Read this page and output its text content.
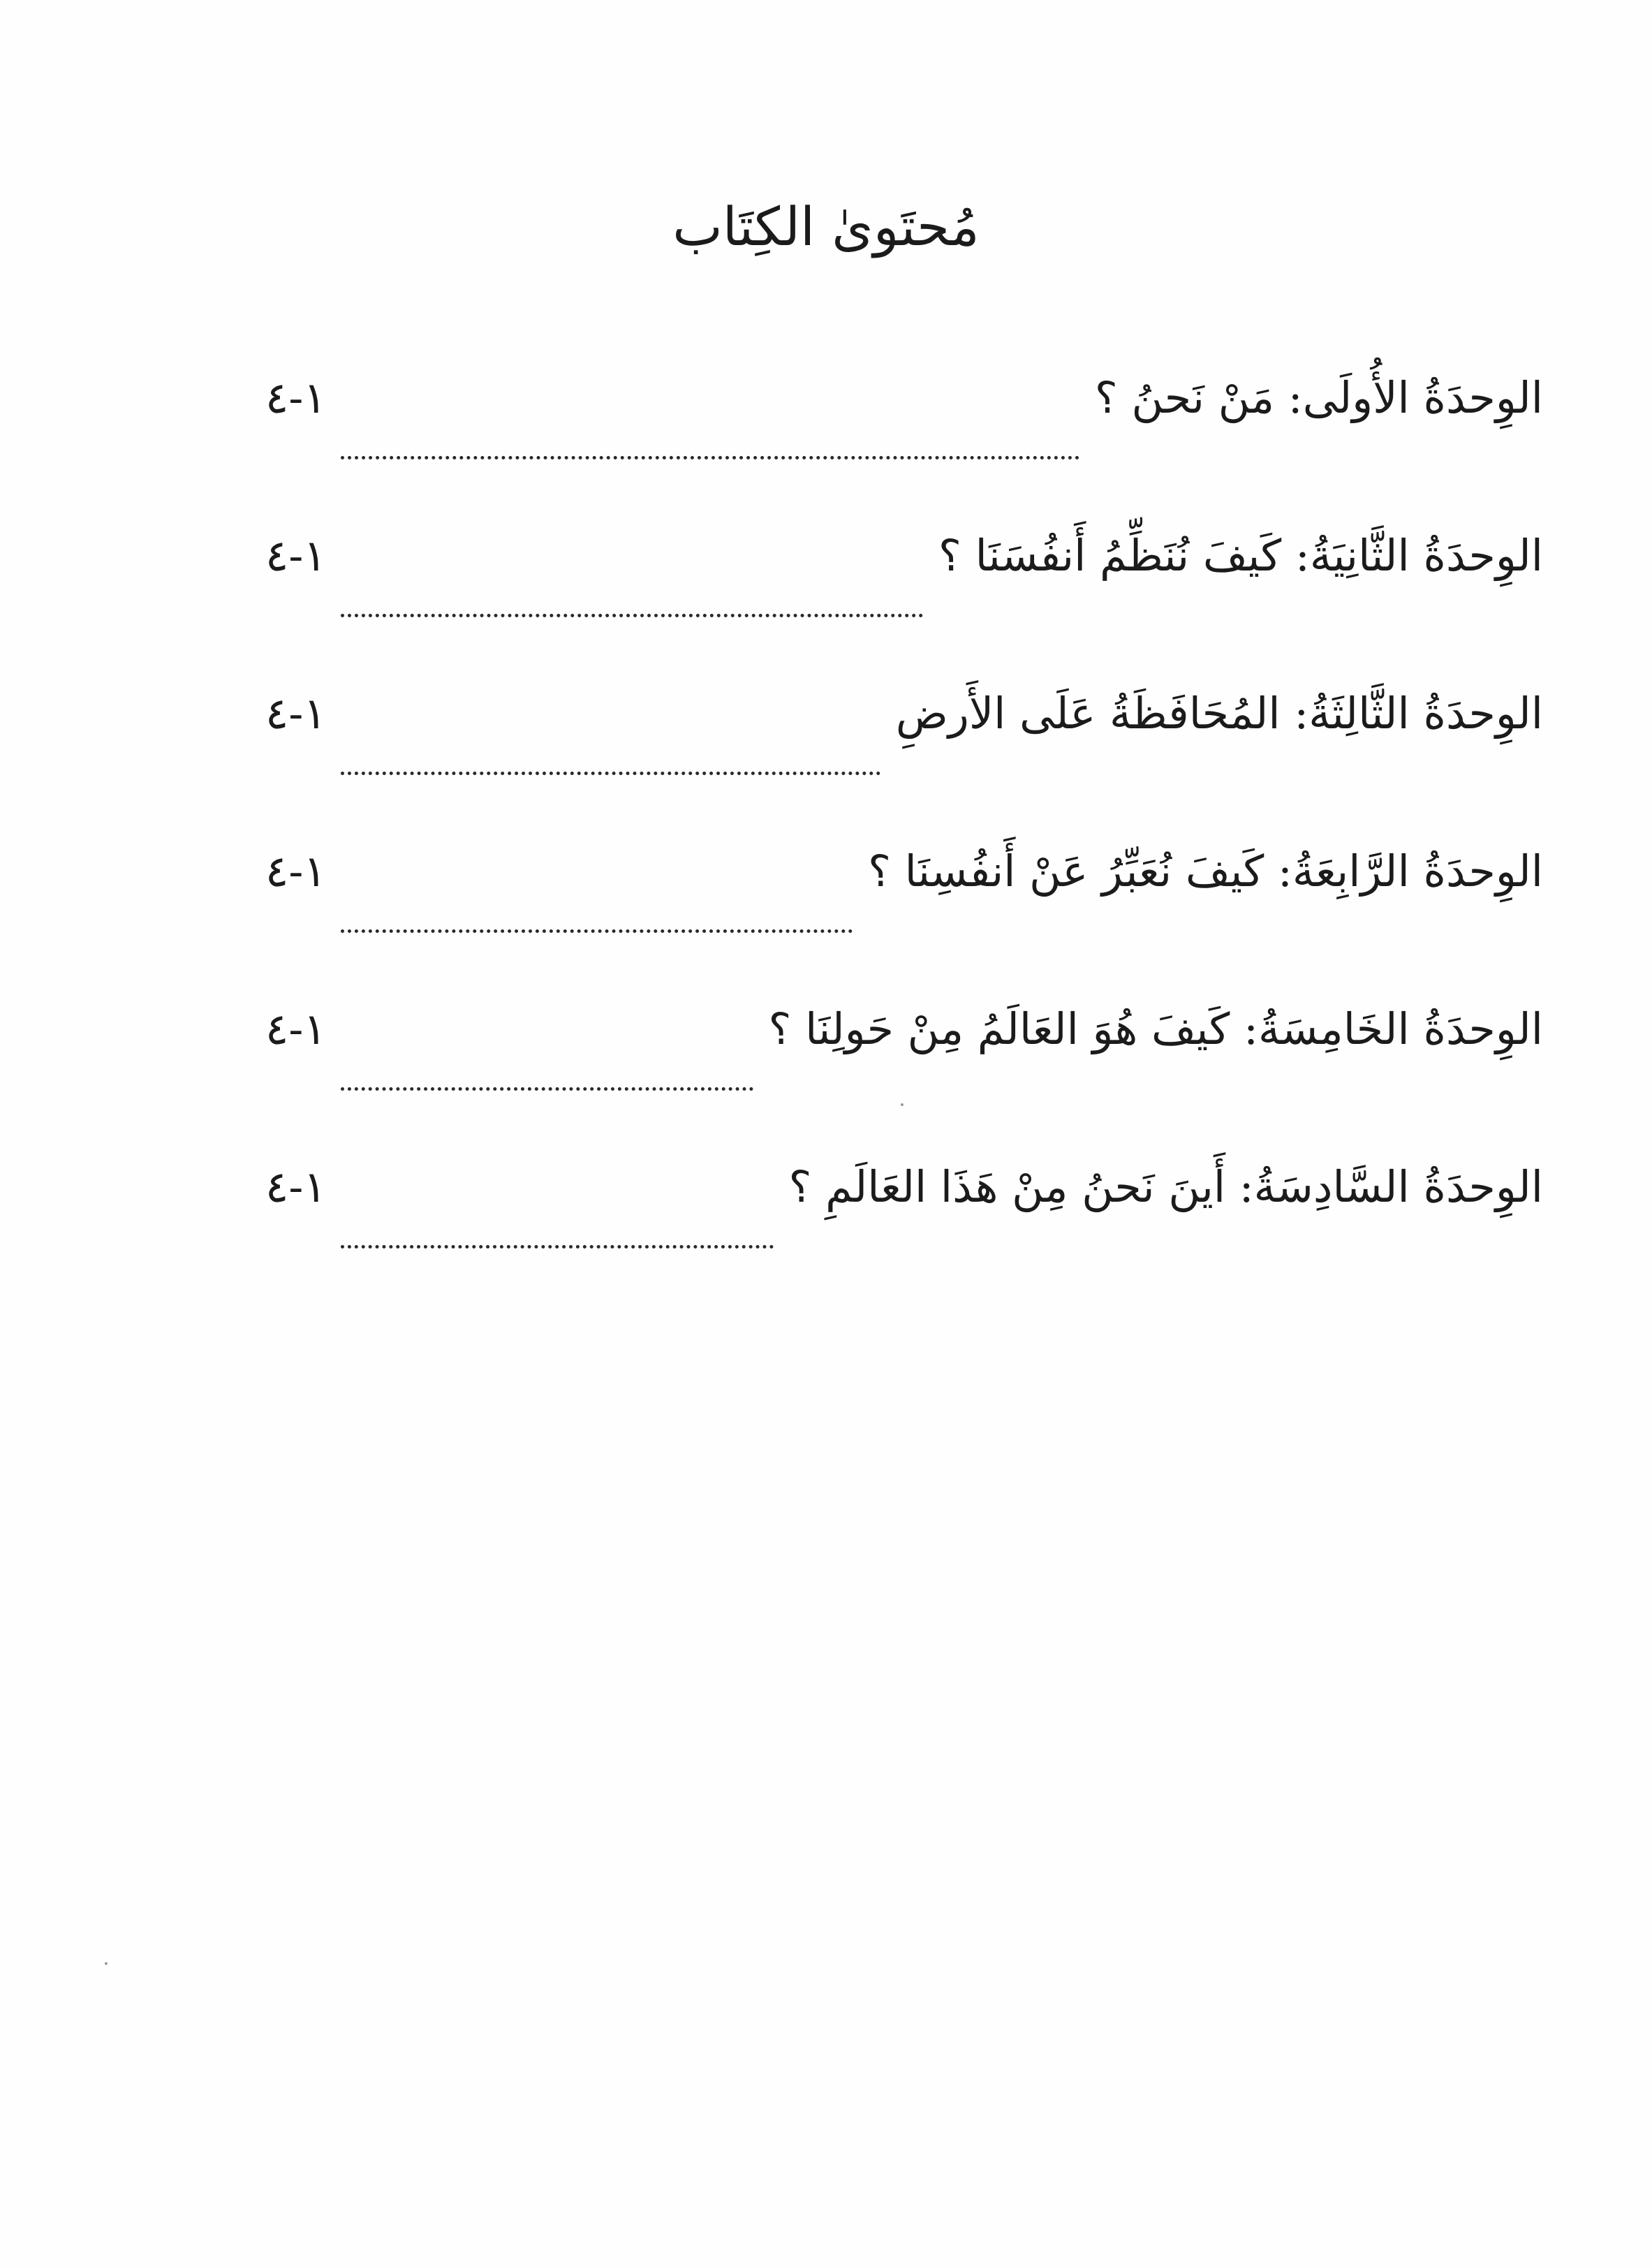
مُحتَوىٰ الكِتَاب
الوِحدَةُ الأُولَى: مَنْ نَحنُ ؟
١-٤
الوِحدَةُ الثَّانِيَةُ: كَيفَ نُنَظِّمُ أَنفُسَنَا ؟
١-٤
الوِحدَةُ الثَّالِثَةُ: المُحَافَظَةُ عَلَى الأَرضِ
١-٤
الوِحدَةُ الرَّابِعَةُ: كَيفَ نُعَبِّرُ عَنْ أَنفُسِنَا ؟
١-٤
الوِحدَةُ الخَامِسَةُ: كَيفَ هُوَ العَالَمُ مِنْ حَولِنَا ؟
١-٤
الوِحدَةُ السَّادِسَةُ: أَينَ نَحنُ مِنْ هَذَا العَالَمِ ؟
١-٤
